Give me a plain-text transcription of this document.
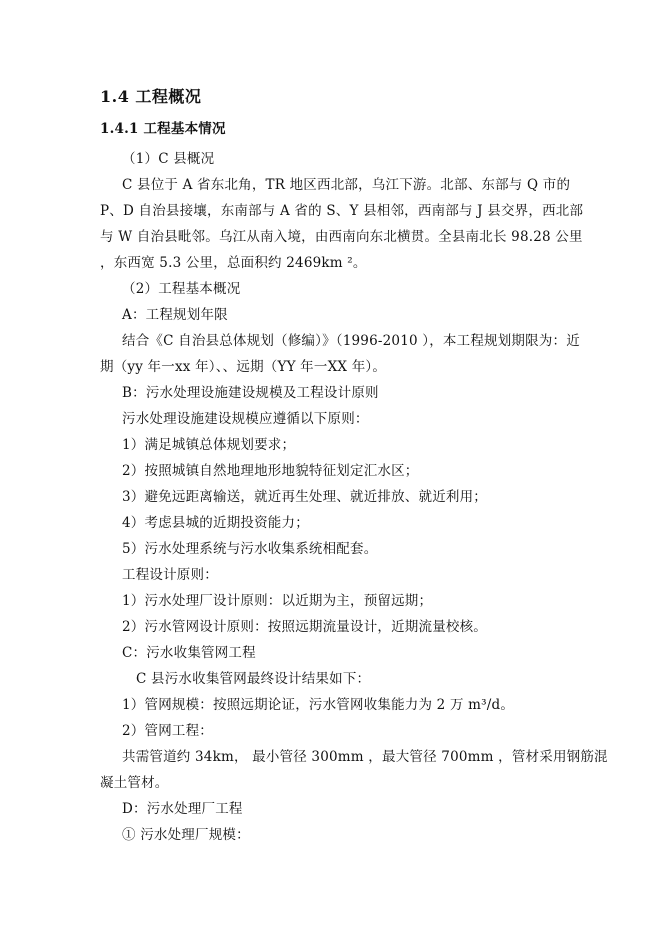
1.4 工程概况
1.4.1 工程基本情况
（1）C 县概况
C 县位于 A 省东北角，TR 地区西北部，乌江下游。北部、东部与 Q 市的
P、D 自治县接壤，东南部与 A 省的 S、Y 县相邻，西南部与 J 县交界，西北部
与 W 自治县毗邻。乌江从南入境，由西南向东北横贯。全县南北长 98.28 公里
，东西宽 5.3 公里，总面积约 2469km ²。
（2）工程基本概况
A：工程规划年限
结合《C 自治县总体规划（修编）》（1996-2010 ），本工程规划期限为：近
期（yy 年一xx 年）、、远期（YY 年一XX 年）。
B：污水处理设施建设规模及工程设计原则
污水处理设施建设规模应遵循以下原则：
1）满足城镇总体规划要求；
2）按照城镇自然地理地形地貌特征划定汇水区；
3）避免远距离输送，就近再生处理、就近排放、就近利用；
4）考虑县城的近期投资能力；
5）污水处理系统与污水收集系统相配套。
工程设计原则：
1）污水处理厂设计原则：以近期为主，预留远期；
2）污水管网设计原则：按照远期流量设计，近期流量校核。
C：污水收集管网工程
C 县污水收集管网最终设计结果如下：
1）管网规模：按照远期论证，污水管网收集能力为 2 万 m³/d。
2）管网工程：
共需管道约 34km， 最小管径 300mm ，最大管径 700mm ，管材采用钢筋混
凝土管材。
D：污水处理厂工程
① 污水处理厂规模：
